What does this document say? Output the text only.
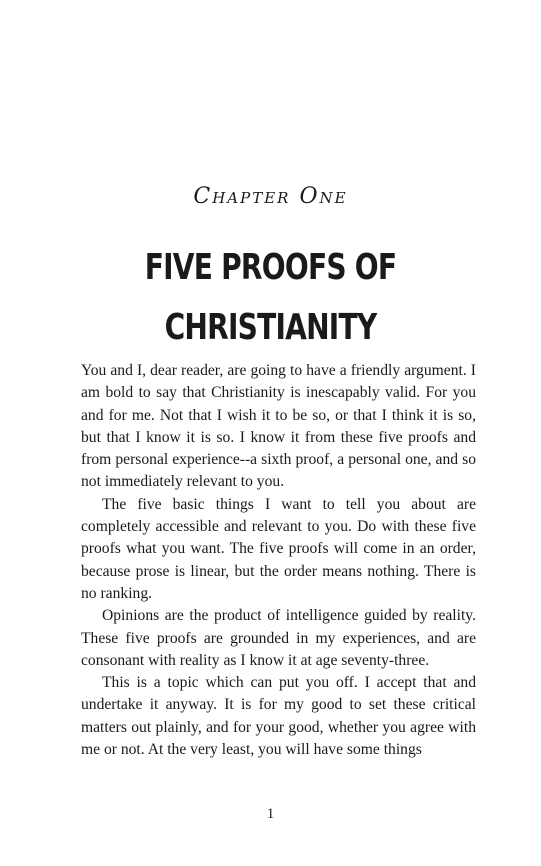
Chapter One
FIVE PROOFS OF CHRISTIANITY

You and I, dear reader, are going to have a friendly argument. I am bold to say that Christianity is inescapably valid. For you and for me. Not that I wish it to be so, or that I think it is so, but that I know it is so. I know it from these five proofs and from personal experience--a sixth proof, a personal one, and so not immediately relevant to you.

The five basic things I want to tell you about are completely accessible and relevant to you. Do with these five proofs what you want. The five proofs will come in an order, because prose is linear, but the order means nothing. There is no ranking.

Opinions are the product of intelligence guided by reality. These five proofs are grounded in my experiences, and are consonant with reality as I know it at age seventy-three.

This is a topic which can put you off. I accept that and undertake it anyway. It is for my good to set these critical matters out plainly, and for your good, whether you agree with me or not. At the very least, you will have some things

1
